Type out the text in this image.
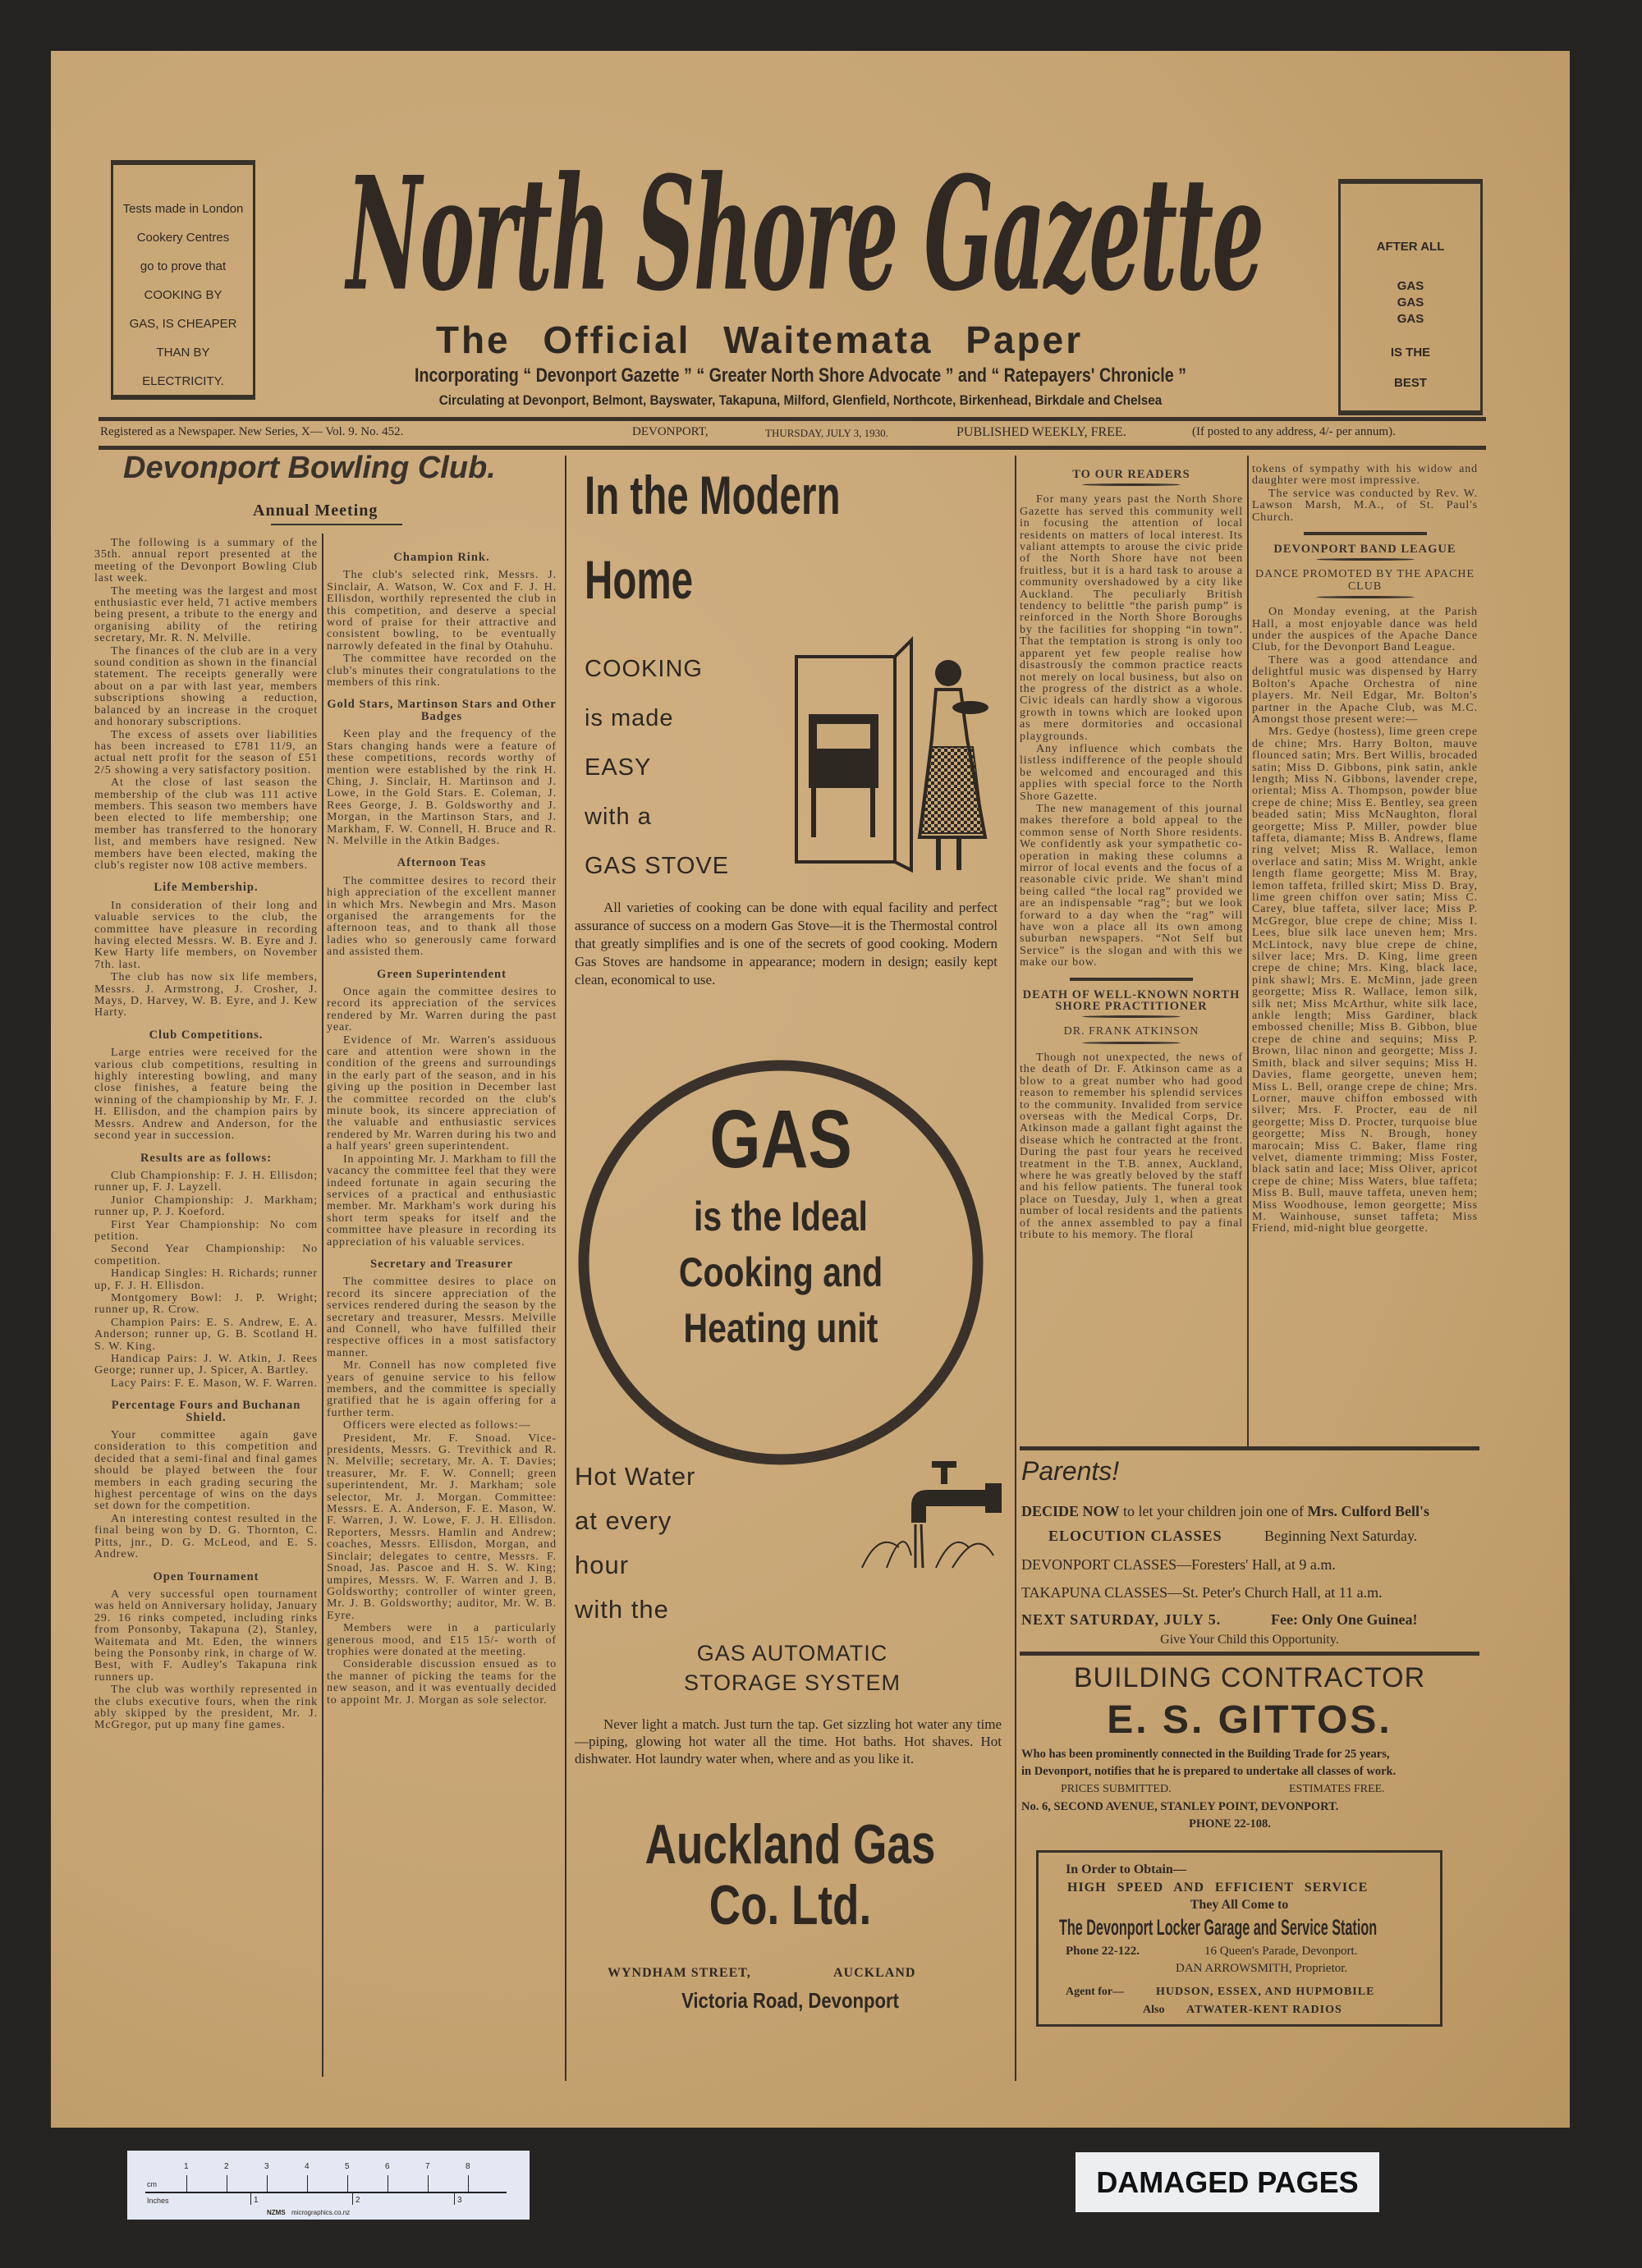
Tests made in London
Cookery Centres
go to prove that
COOKING BY
GAS, IS CHEAPER
THAN BY
ELECTRICITY.
North Shore Gazette
The Official Waitemata Paper
Incorporating “ Devonport Gazette ” “ Greater North Shore Advocate ” and “ Ratepayers' Chronicle ”
Circulating at Devonport, Belmont, Bayswater, Takapuna, Milford, Glenfield, Northcote, Birkenhead, Birkdale and Chelsea
AFTER ALL
GAS
GAS
GAS
IS THE
BEST
Registered as a Newspaper. New Series, X— Vol. 9. No. 452.	DEVONPORT,	THURSDAY, JULY 3, 1930.	PUBLISHED WEEKLY, FREE.	(If posted to any address, 4/- per annum).
Devonport Bowling Club.
Annual Meeting

The following is a summary of the 35th. annual report presented at the meeting of the Devonport Bowling Club last week.

The meeting was the largest and most enthusiastic ever held, 71 active members being present, a tribute to the energy and organising ability of the retiring secretary, Mr. R. N. Melville.

The finances of the club are in a very sound condition as shown in the financial statement. The receipts generally were about on a par with last year, members subscriptions showing a reduction, balanced by an increase in the croquet and honorary subscriptions.

The excess of assets over liabilities has been increased to £781 11/9, an actual nett profit for the season of £51 2/5 showing a very satisfactory position.

At the close of last season the membership of the club was 111 active members. This season two members have been elected to life membership; one member has transferred to the honorary list, and members have resigned. New members have been elected, making the club's register now 108 active members.

Life Membership.

In consideration of their long and valuable services to the club, the committee have pleasure in recording having elected Messrs. W. B. Eyre and J. Kew Harty life members, on November 7th. last.

The club has now six life members, Messrs. J. Armstrong, J. Crosher, J. Mays, D. Harvey, W. B. Eyre, and J. Kew Harty.

Club Competitions.

Large entries were received for the various club competitions, resulting in highly interesting bowling, and many close finishes, a feature being the winning of the championship by Mr. F. J. H. Ellisdon, and the champion pairs by Messrs. Andrew and Anderson, for the second year in succession.

Results are as follows:

Club Championship: F. J. H. Ellisdon; runner up, F. J. Layzell.

Junior Championship: J. Markham; runner up, P. J. Koeford.

First Year Championship: No com petition.

Second Year Championship: No competition.

Handicap Singles: H. Richards; runner up, F. J. H. Ellisdon.

Montgomery Bowl: J. P. Wright; runner up, R. Crow.

Champion Pairs: E. S. Andrew, E. A. Anderson; runner up, G. B. Scotland H. S. W. King.

Handicap Pairs: J. W. Atkin, J. Rees George; runner up, J. Spicer, A. Bartley.

Lacy Pairs: F. E. Mason, W. F. Warren.

Percentage Fours and Buchanan Shield.

Your committee again gave consideration to this competition and decided that a semi-final and final games should be played between the four members in each grading securing the highest percentage of wins on the days set down for the competition.

An interesting contest resulted in the final being won by D. G. Thornton, C. Pitts, jnr., D. G. McLeod, and E. S. Andrew.

Open Tournament

A very successful open tournament was held on Anniversary holiday, January 29. 16 rinks competed, including rinks from Ponsonby, Takapuna (2), Stanley, Waitemata and Mt. Eden, the winners being the Ponsonby rink, in charge of W. Best, with F. Audley's Takapuna rink runners up.

The club was worthily represented in the clubs executive fours, when the rink ably skipped by the president, Mr. J. McGregor, put up many fine games.

Champion Rink.

The club's selected rink, Messrs. J. Sinclair, A. Watson, W. Cox and F. J. H. Ellisdon, worthily represented the club in this competition, and deserve a special word of praise for their attractive and consistent bowling, to be eventually narrowly defeated in the final by Otahuhu.

The committee have recorded on the club's minutes their congratulations to the members of this rink.

Gold Stars, Martinson Stars and Other Badges

Keen play and the frequency of the Stars changing hands were a feature of these competitions, records worthy of mention were established by the rink H. Ching, J. Sinclair, H. Martinson and J. Lowe, in the Gold Stars. E. Coleman, J. Rees George, J. B. Goldsworthy and J. Morgan, in the Martinson Stars, and J. Markham, F. W. Connell, H. Bruce and R. N. Melville in the Atkin Badges.

Afternoon Teas

The committee desires to record their high appreciation of the excellent manner in which Mrs. Newbegin and Mrs. Mason organised the arrangements for the afternoon teas, and to thank all those ladies who so generously came forward and assisted them.

Green Superintendent

Once again the committee desires to record its appreciation of the services rendered by Mr. Warren during the past year.

Evidence of Mr. Warren's assiduous care and attention were shown in the condition of the greens and surroundings in the early part of the season, and in his giving up the position in December last the committee recorded on the club's minute book, its sincere appreciation of the valuable and enthusiastic services rendered by Mr. Warren during his two and a half years' green superintendent.

In appointing Mr. J. Markham to fill the vacancy the committee feel that they were indeed fortunate in again securing the services of a practical and enthusiastic member. Mr. Markham's work during his short term speaks for itself and the committee have pleasure in recording its appreciation of his valuable services.

Secretary and Treasurer

The committee desires to place on record its sincere appreciation of the services rendered during the season by the secretary and treasurer, Messrs. Melville and Connell, who have fulfilled their respective offices in a most satisfactory manner.

Mr. Connell has now completed five years of genuine service to his fellow members, and the committee is specially gratified that he is again offering for a further term.

Officers were elected as follows:—

President, Mr. F. Snoad. Vice-presidents, Messrs. G. Trevithick and R. N. Melville; secretary, Mr. A. T. Davies; treasurer, Mr. F. W. Connell; green superintendent, Mr. J. Markham; sole selector, Mr. J. Morgan. Committee: Messrs. E. A. Anderson, F. E. Mason, W. F. Warren, J. W. Lowe, F. J. H. Ellisdon. Reporters, Messrs. Hamlin and Andrew; coaches, Messrs. Ellisdon, Morgan, and Sinclair; delegates to centre, Messrs. F. Snoad, Jas. Pascoe and H. S. W. King; umpires, Messrs. W. F. Warren and J. B. Goldsworthy; controller of winter green, Mr. J. B. Goldsworthy; auditor, Mr. W. B. Eyre.

Members were in a particularly generous mood, and £15 15/- worth of trophies were donated at the meeting.

Considerable discussion ensued as to the manner of picking the teams for the new season, and it was eventually decided to appoint Mr. J. Morgan as sole selector.

TO OUR READERS

For many years past the North Shore Gazette has served this community well in focusing the attention of local residents on matters of local interest. Its valiant attempts to arouse the civic pride of the North Shore have not been fruitless, but it is a hard task to arouse a community overshadowed by a city like Auckland. The peculiarly British tendency to belittle “the parish pump” is reinforced in the North Shore Boroughs by the facilities for shopping “in town”. That the temptation is strong is only too apparent yet few people realise how disastrously the common practice reacts not merely on local business, but also on the progress of the district as a whole. Civic ideals can hardly show a vigorous growth in towns which are looked upon as mere dormitories and occasional playgrounds.

Any influence which combats the listless indifference of the people should be welcomed and encouraged and this applies with special force to the North Shore Gazette.

The new management of this journal makes therefore a bold appeal to the common sense of North Shore residents. We confidently ask your sympathetic co-operation in making these columns a mirror of local events and the focus of a reasonable civic pride. We shan't mind being called “the local rag” provided we are an indispensable “rag”; but we look forward to a day when the “rag” will have won a place all its own among suburban newspapers. “Not Self but Service” is the slogan and with this we make our bow.

DEATH OF WELL-KNOWN NORTH SHORE PRACTITIONER
DR. FRANK ATKINSON

Though not unexpected, the news of the death of Dr. F. Atkinson came as a blow to a great number who had good reason to remember his splendid services to the community. Invalided from service overseas with the Medical Corps, Dr. Atkinson made a gallant fight against the disease which he contracted at the front. During the past four years he received treatment in the T.B. annex, Auckland, where he was greatly beloved by the staff and his fellow patients. The funeral took place on Tuesday, July 1, when a great number of local residents and the patients of the annex assembled to pay a final tribute to his memory. The floral

tokens of sympathy with his widow and daughter were most impressive.

The service was conducted by Rev. W. Lawson Marsh, M.A., of St. Paul's Church.

DEVONPORT BAND LEAGUE
DANCE PROMOTED BY THE APACHE CLUB

On Monday evening, at the Parish Hall, a most enjoyable dance was held under the auspices of the Apache Dance Club, for the Devonport Band League.

There was a good attendance and delightful music was dispensed by Harry Bolton's Apache Orchestra of nine players. Mr. Neil Edgar, Mr. Bolton's partner in the Apache Club, was M.C. Amongst those present were:—

Mrs. Gedye (hostess), lime green crepe de chine; Mrs. Harry Bolton, mauve flounced satin; Mrs. Bert Willis, brocaded satin; Miss D. Gibbons, pink satin, ankle length; Miss N. Gibbons, lavender crepe, oriental; Miss A. Thompson, powder blue crepe de chine; Miss E. Bentley, sea green beaded satin; Miss McNaughton, floral georgette; Miss P. Miller, powder blue taffeta, diamante; Miss B. Andrews, flame ring velvet; Miss R. Wallace, lemon overlace and satin; Miss M. Wright, ankle length flame georgette; Miss M. Bray, lemon taffeta, frilled skirt; Miss D. Bray, lime green chiffon over satin; Miss C. Carey, blue taffeta, silver lace; Miss P. McGregor, blue crepe de chine; Miss I. Lees, blue silk lace uneven hem; Mrs. McLintock, navy blue crepe de chine, silver lace; Mrs. D. King, lime green crepe de chine; Mrs. King, black lace, pink shawl; Mrs. E. McMinn, jade green georgette; Miss R. Wallace, lemon silk, silk net; Miss McArthur, white silk lace, ankle length; Miss Gardiner, black embossed chenille; Miss B. Gibbon, blue crepe de chine and sequins; Miss P. Brown, lilac ninon and georgette; Miss J. Smith, black and silver sequins; Miss H. Davies, flame georgette, uneven hem; Miss L. Bell, orange crepe de chine; Mrs. Lorner, mauve chiffon embossed with silver; Mrs. F. Procter, eau de nil georgette; Miss D. Procter, turquoise blue georgette; Miss N. Brough, honey marocain; Miss C. Baker, flame ring velvet, diamente trimming; Miss Foster, black satin and lace; Miss Oliver, apricot crepe de chine; Miss Waters, blue taffeta; Miss B. Bull, mauve taffeta, uneven hem; Miss Woodhouse, lemon georgette; Miss M. Wainhouse, sunset taffeta; Miss Friend, mid-night blue georgette.

In the Modern
Home
COOKING
is made
EASY
with a
GAS STOVE
All varieties of cooking can be done with equal facility and perfect assurance of success on a modern Gas Stove—it is the Thermostal control that greatly simplifies and is one of the secrets of good cooking. Modern Gas Stoves are handsome in appearance; modern in design; easily kept clean, economical to use.
GAS
is the Ideal
Cooking and
Heating unit
Hot Water
at every
hour
with the
GAS AUTOMATIC
STORAGE SYSTEM
Never light a match. Just turn the tap. Get sizzling hot water any time—piping, glowing hot water all the time. Hot baths. Hot shaves. Hot dishwater. Hot laundry water when, where and as you like it.
Auckland Gas
Co. Ltd.
WYNDHAM STREET,	AUCKLAND
Victoria Road, Devonport
Parents!
DECIDE NOW to let your children join one of Mrs. Culford Bell's
ELOCUTION CLASSES	Beginning Next Saturday.
DEVONPORT CLASSES—Foresters' Hall, at 9 a.m.
TAKAPUNA CLASSES—St. Peter's Church Hall, at 11 a.m.
NEXT SATURDAY, JULY 5.	Fee: Only One Guinea!
Give Your Child this Opportunity.
BUILDING CONTRACTOR
E. S. GITTOS.
Who has been prominently connected in the Building Trade for 25 years,
in Devonport, notifies that he is prepared to undertake all classes of work.
PRICES SUBMITTED.	ESTIMATES FREE.
No. 6, SECOND AVENUE, STANLEY POINT, DEVONPORT.
PHONE 22-108.
In Order to Obtain—
HIGH SPEED AND EFFICIENT SERVICE
They All Come to
The Devonport Locker Garage and Service Station
Phone 22-122.	16 Queen's Parade, Devonport.
DAN ARROWSMITH, Proprietor.
Agent for—	HUDSON, ESSEX, AND HUPMOBILE
Also ATWATER-KENT RADIOS
cm
Inches
1	2	3	4	5	6	7	8
1	2	3
NZMS micrographics.co.nz
DAMAGED PAGES
